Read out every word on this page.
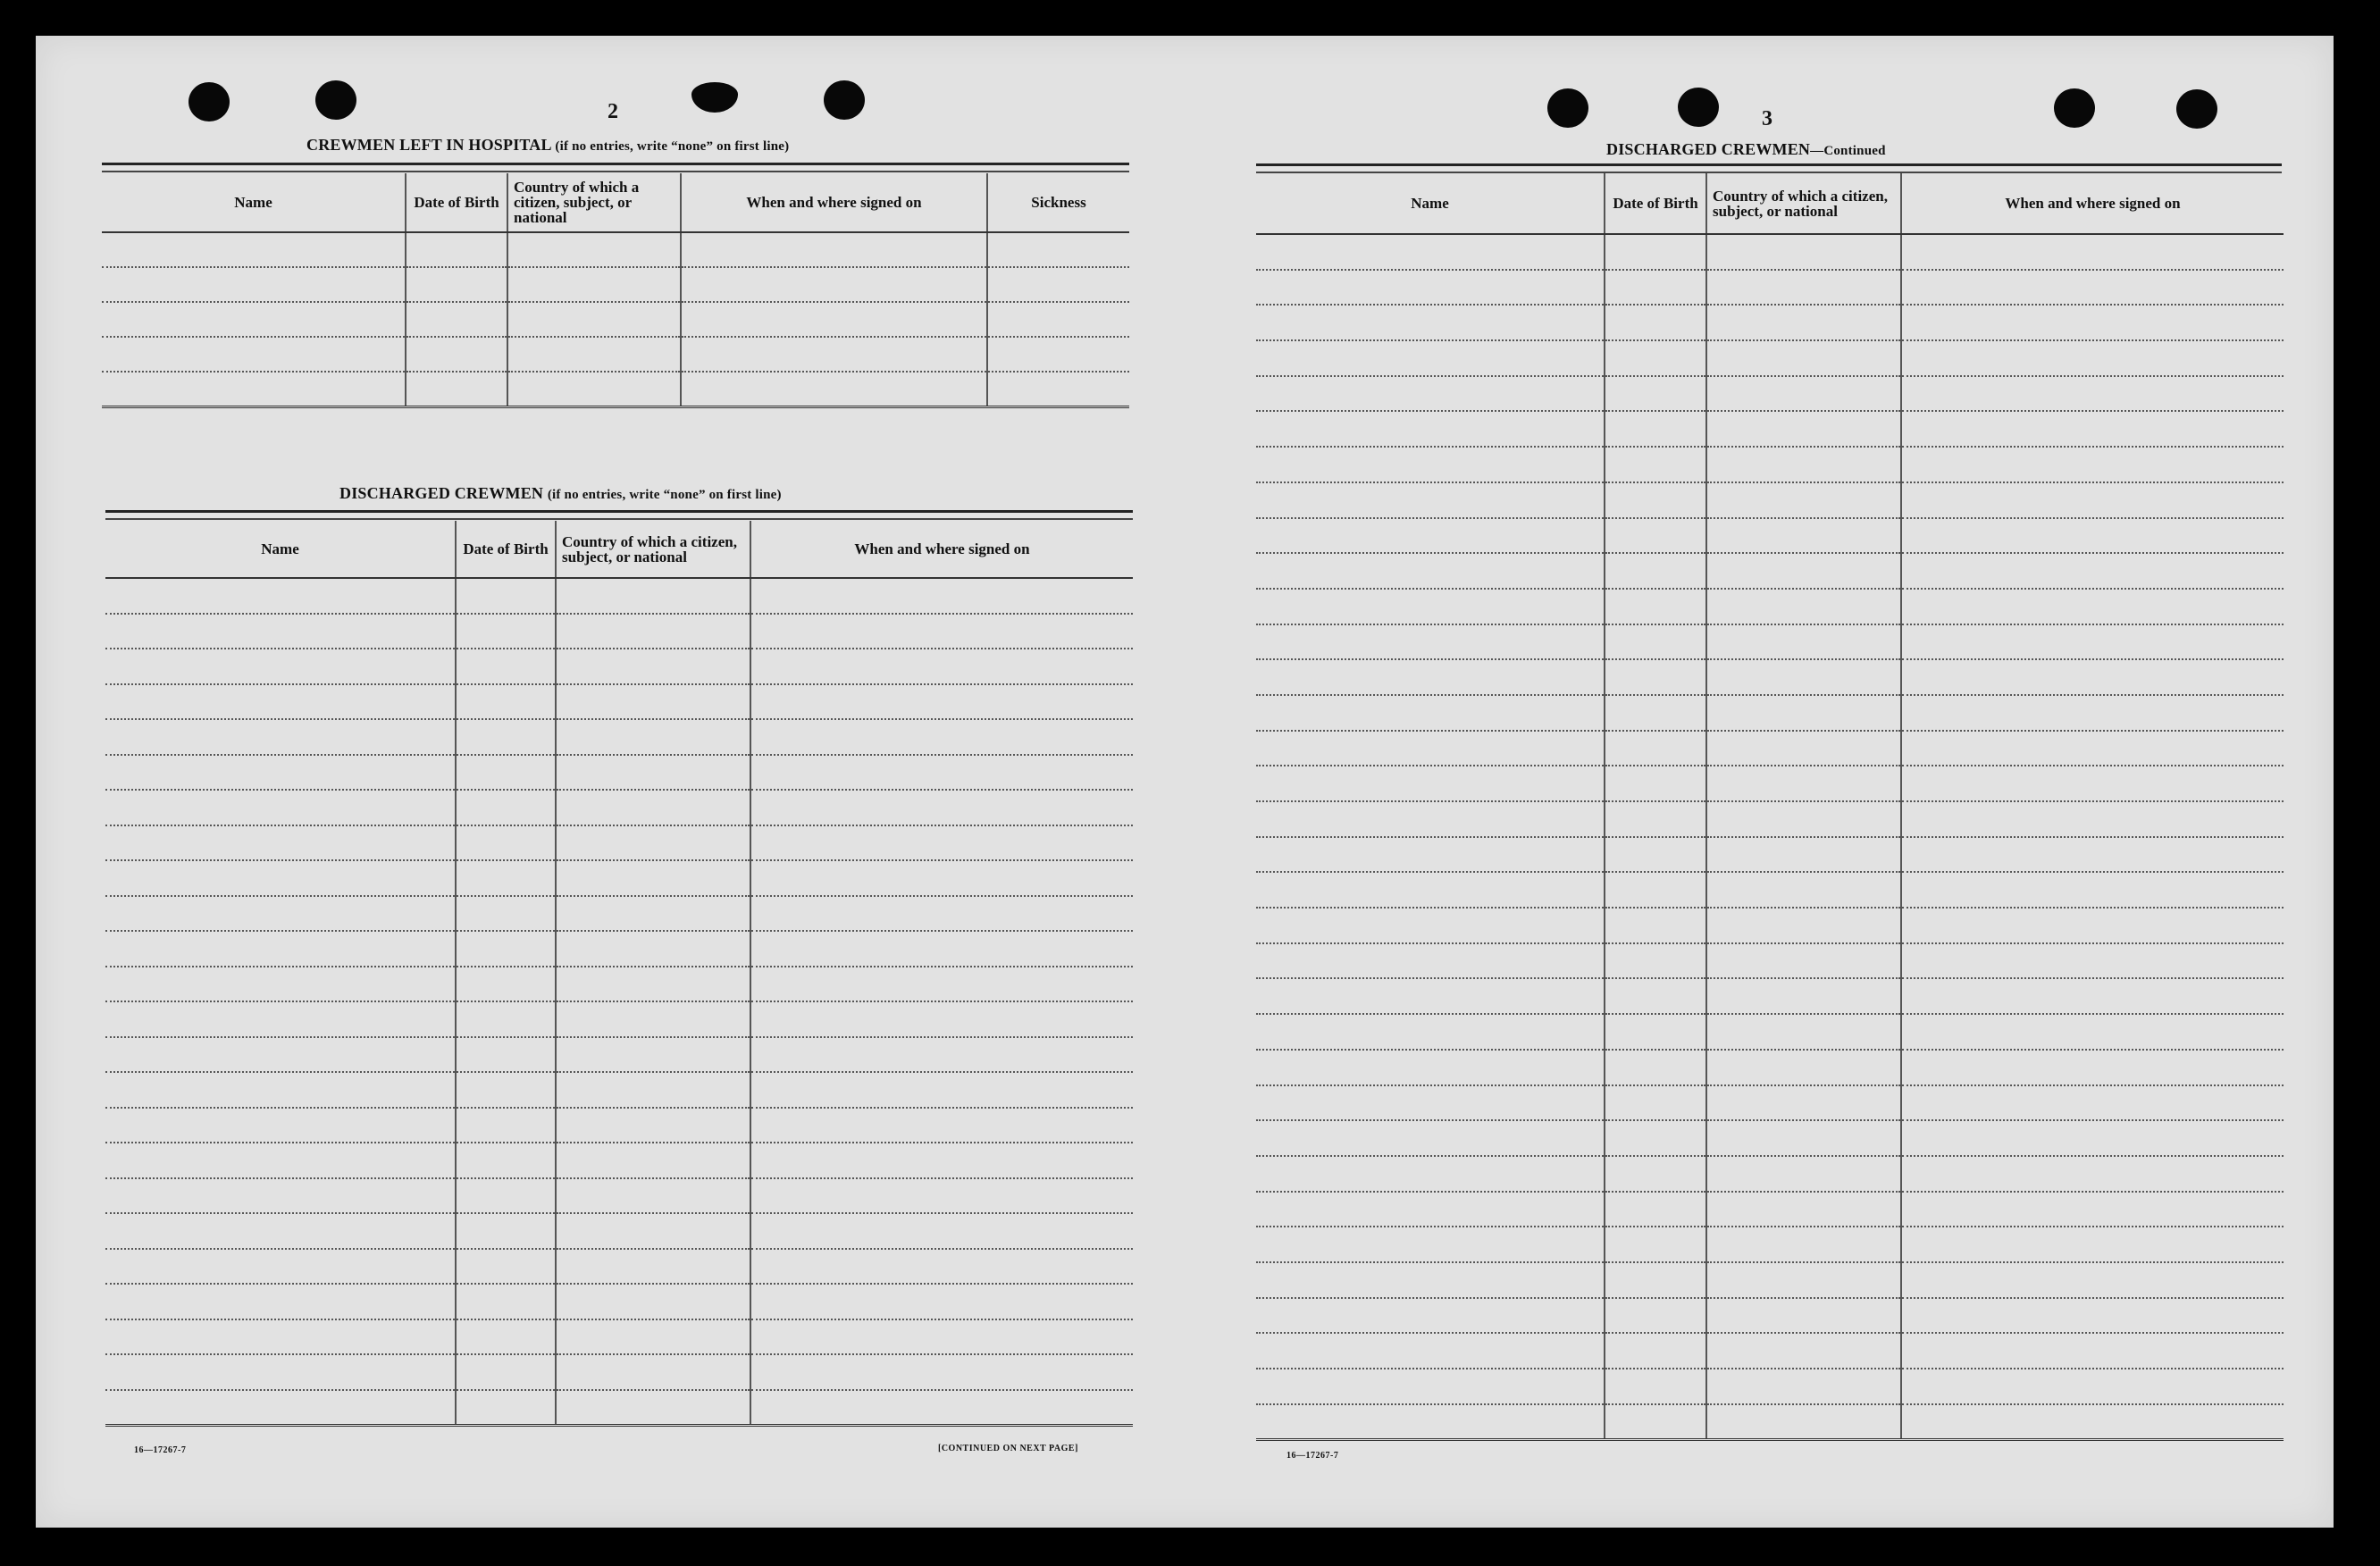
2
CREWMEN LEFT IN HOSPITAL (if no entries, write “none” on first line)
Name	Date of Birth	Country of which a citizen, subject, or national	When and where signed on	Sickness

DISCHARGED CREWMEN (if no entries, write “none” on first line)
Name	Date of Birth	Country of which a citizen, subject, or national	When and where signed on

16—17267-7	[CONTINUED ON NEXT PAGE]
3
DISCHARGED CREWMEN—Continued
Name	Date of Birth	Country of which a citizen, subject, or national	When and where signed on

16—17267-7
